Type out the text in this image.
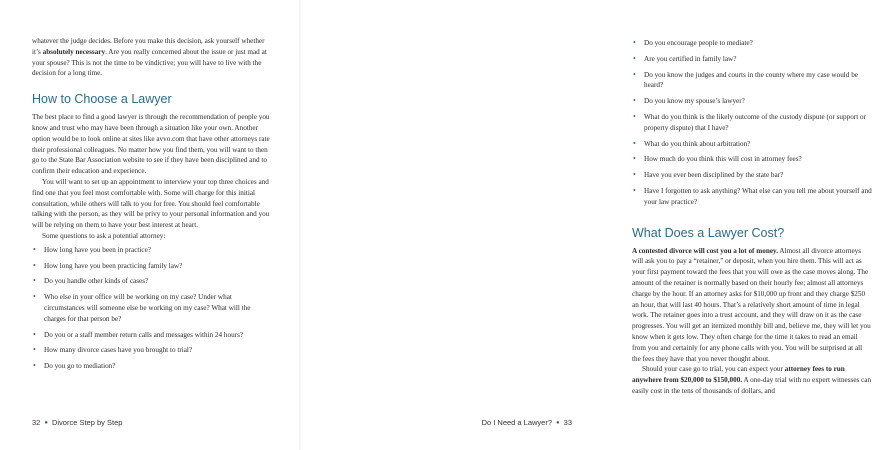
whatever the judge decides. Before you make this decision, ask yourself whether it’s absolutely necessary. Are you really concerned about the issue or just mad at your spouse? This is not the time to be vindictive; you will have to live with the decision for a long time.

How to Choose a Lawyer

The best place to find a good lawyer is through the recommendation of people you know and trust who may have been through a situation like your own. Another option would be to look online at sites like avvo.com that have other attorneys rate their professional colleagues. No matter how you find them, you will want to then go to the State Bar Association website to see if they have been disciplined and to confirm their education and experience.

You will want to set up an appointment to interview your top three choices and find one that you feel most comfortable with. Some will charge for this initial consultation, while others will talk to you for free. You should feel comfortable talking with the person, as they will be privy to your personal information and you will be relying on them to have your best interest at heart.

Some questions to ask a potential attorney:

• How long have you been in practice?
• How long have you been practicing family law?
• Do you handle other kinds of cases?
• Who else in your office will be working on my case? Under what circumstances will someone else be working on my case? What will the charges for that person be?
• Do you or a staff member return calls and messages within 24 hours?
• How many divorce cases have you brought to trial?
• Do you go to mediation?
32 ● Divorce Step by Step
• Do you encourage people to mediate?
• Are you certified in family law?
• Do you know the judges and courts in the county where my case would be heard?
• Do you know my spouse’s lawyer?
• What do you think is the likely outcome of the custody dispute (or support or property dispute) that I have?
• What do you think about arbitration?
• How much do you think this will cost in attorney fees?
• Have you ever been disciplined by the state bar?
• Have I forgotten to ask anything? What else can you tell me about yourself and your law practice?
What Does a Lawyer Cost?

A contested divorce will cost you a lot of money. Almost all divorce attorneys will ask you to pay a “retainer,” or deposit, when you hire them. This will act as your first payment toward the fees that you will owe as the case moves along. The amount of the retainer is normally based on their hourly fee; almost all attorneys charge by the hour. If an attorney asks for $10,000 up front and they charge $250 an hour, that will last 40 hours. That’s a relatively short amount of time in legal work. The retainer goes into a trust account, and they will draw on it as the case progresses. You will get an itemized monthly bill and, believe me, they will let you know when it gets low. They often charge for the time it takes to read an email from you and certainly for any phone calls with you. You will be surprised at all the fees they have that you never thought about.

Should your case go to trial, you can expect your attorney fees to run anywhere from $20,000 to $150,000. A one-day trial with no expert witnesses can easily cost in the tens of thousands of dollars, and

Do I Need a Lawyer? ● 33
